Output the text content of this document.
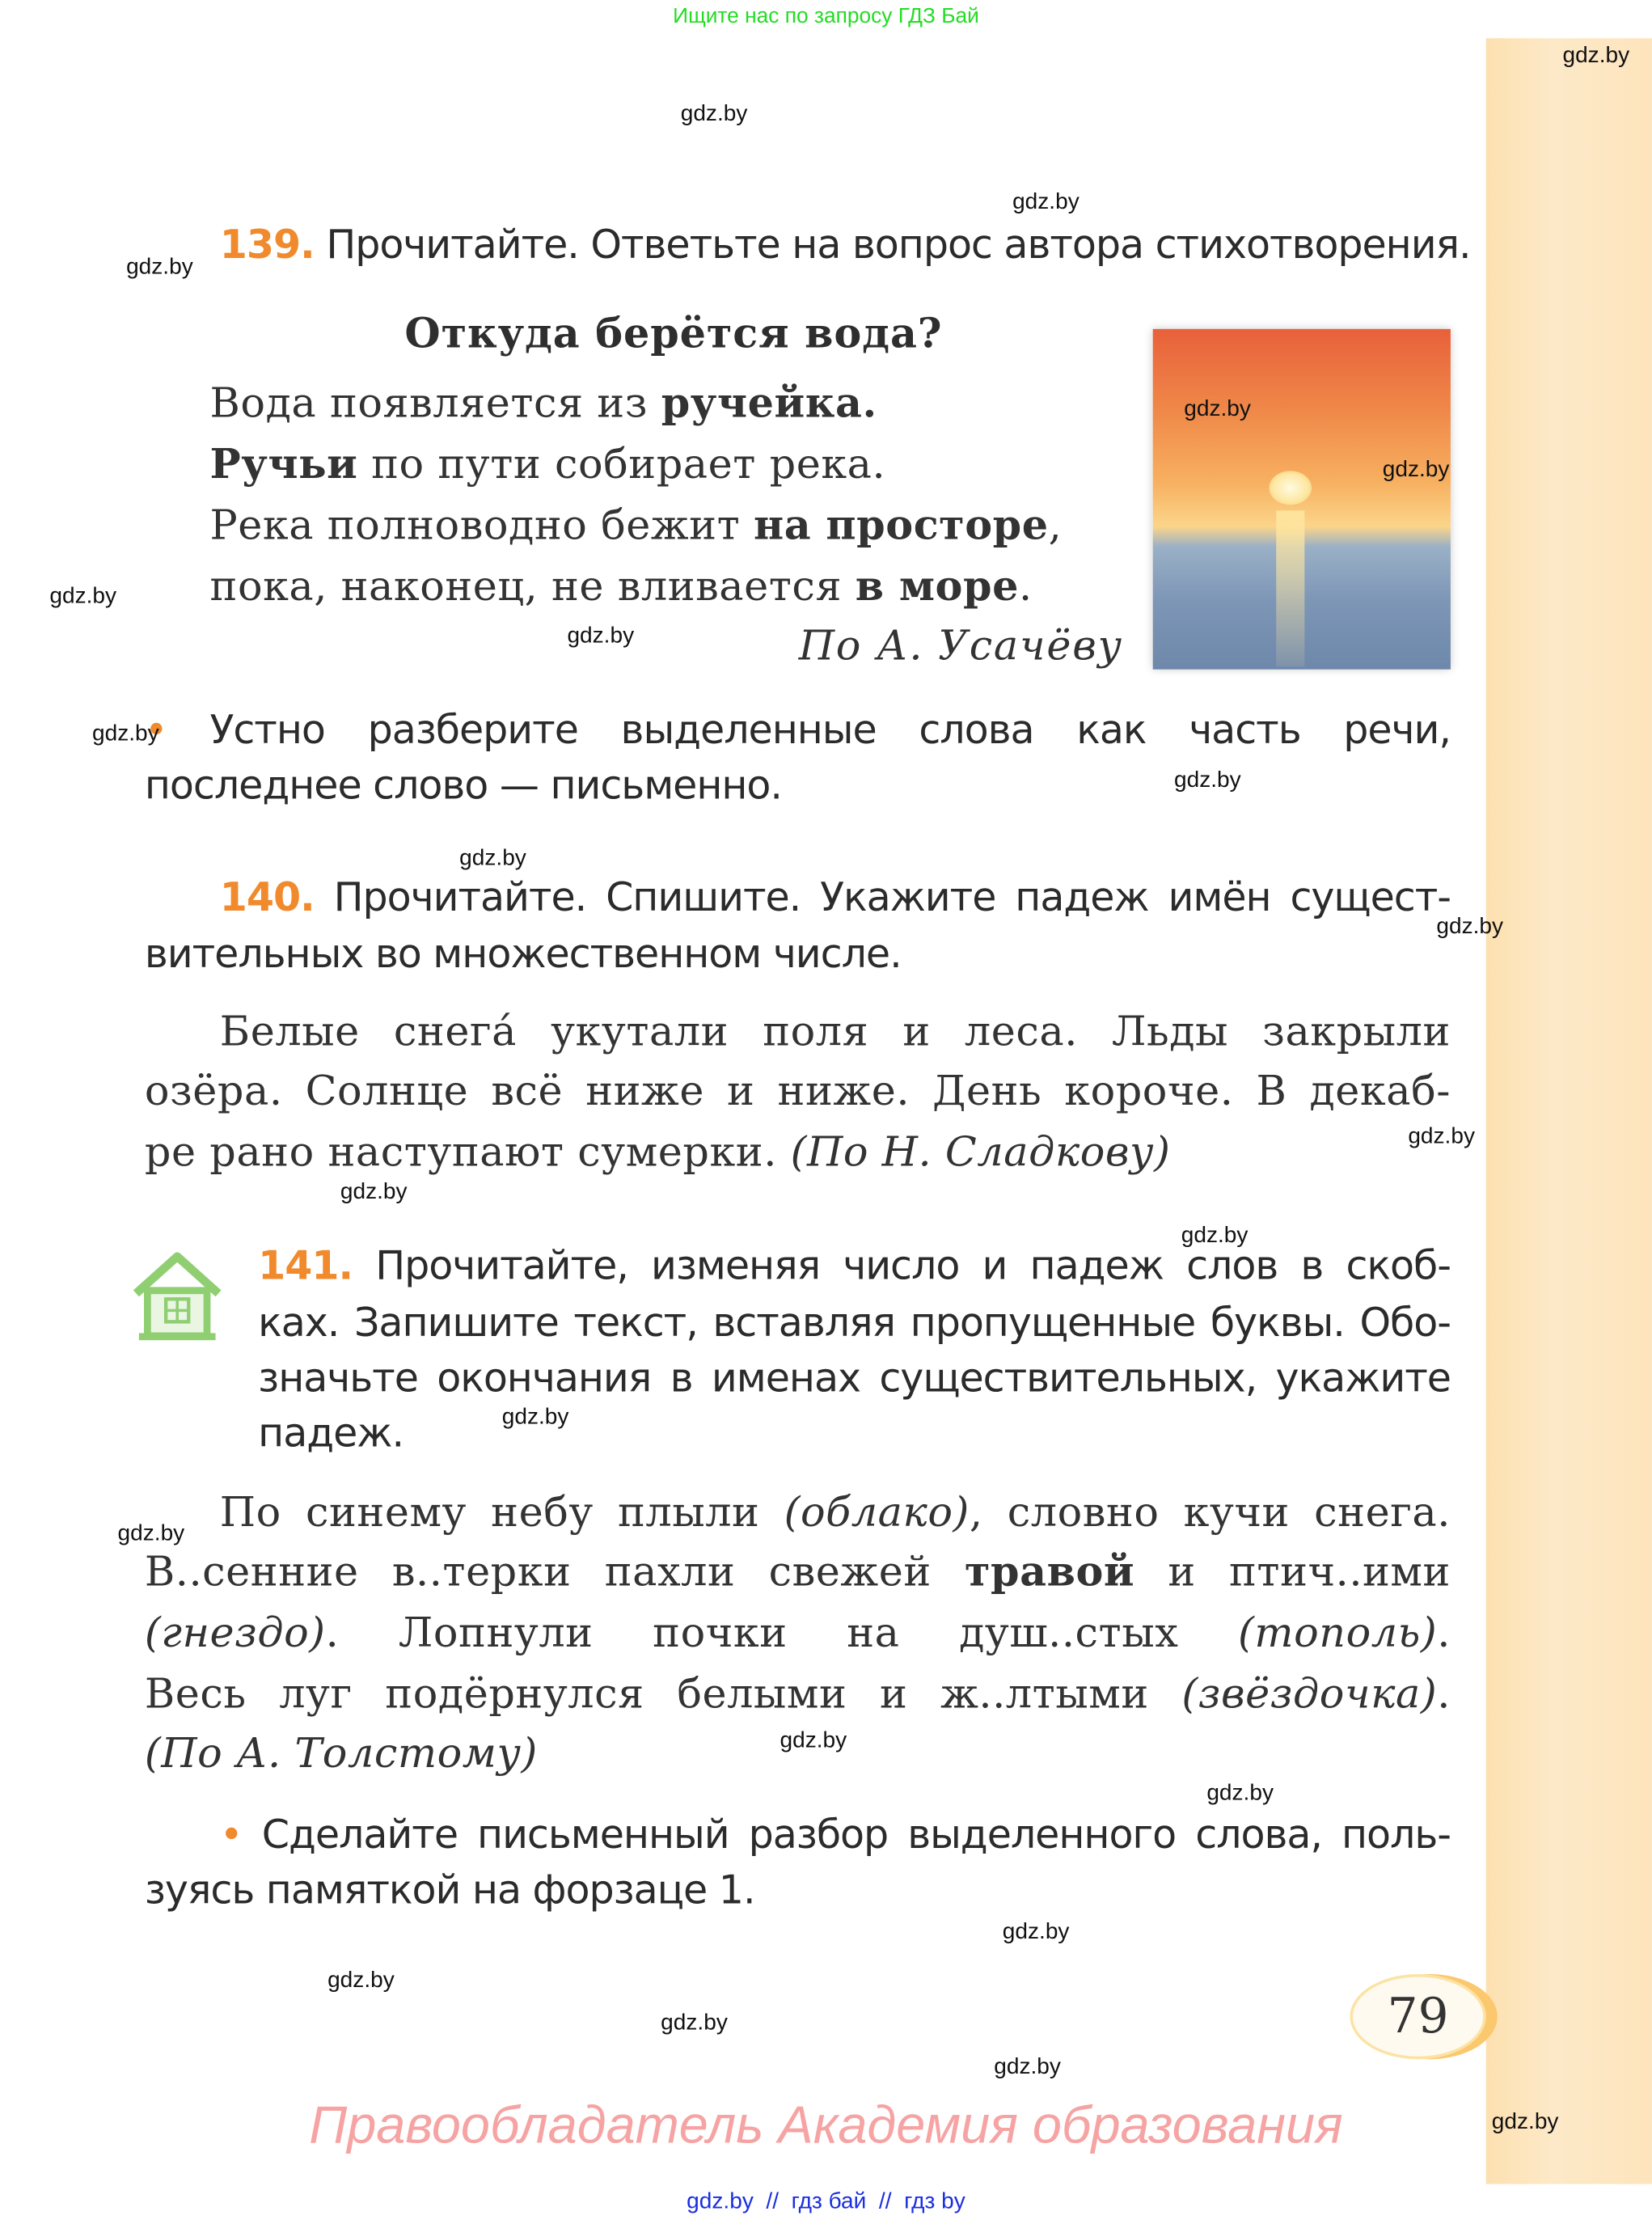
Ищите нас по запросу ГДЗ Бай
gdz.by
gdz.by
gdz.by
gdz.by
gdz.by
gdz.by
gdz.by
gdz.by
gdz.by
gdz.by
gdz.by
gdz.by
gdz.by
gdz.by
gdz.by
gdz.by
gdz.by
gdz.by
gdz.by
gdz.by
gdz.by
gdz.by
gdz.by
gdz.by
139. Прочитайте. Ответьте на вопрос автора стихотворения.
Откуда берётся вода?
Вода появляется из ручейка.
Ручьи по пути собирает река.
Река полноводно бежит на просторе,
пока, наконец, не вливается в море.
По А. Усачёву
• Устно разберите выделенные слова как часть речи,
последнее слово — письменно.
140. Прочитайте. Спишите. Укажите падеж имён сущест-
вительных во множественном числе.
Белые снега́ укутали поля и леса. Льды закрыли
озёра. Солнце всё ниже и ниже. День короче. В декаб-
ре рано наступают сумерки. (По Н. Сладкову)
141. Прочитайте, изменяя число и падеж слов в скоб-
ках. Запишите текст, вставляя пропущенные буквы. Обо-
значьте окончания в именах существительных, укажите
падеж.
По синему небу плыли (облако), словно кучи снега.
В..сенние в..терки пахли свежей травой и птич..ими
(гнездо). Лопнули почки на душ..стых (тополь).
Весь луг подёрнулся белыми и ж..лтыми (звёздочка).
(По А. Толстому)
• Сделайте письменный разбор выделенного слова, поль-
зуясь памяткой на форзаце 1.
79
Правообладатель Академия образования
gdz.by  //  гдз бай  //  гдз by
